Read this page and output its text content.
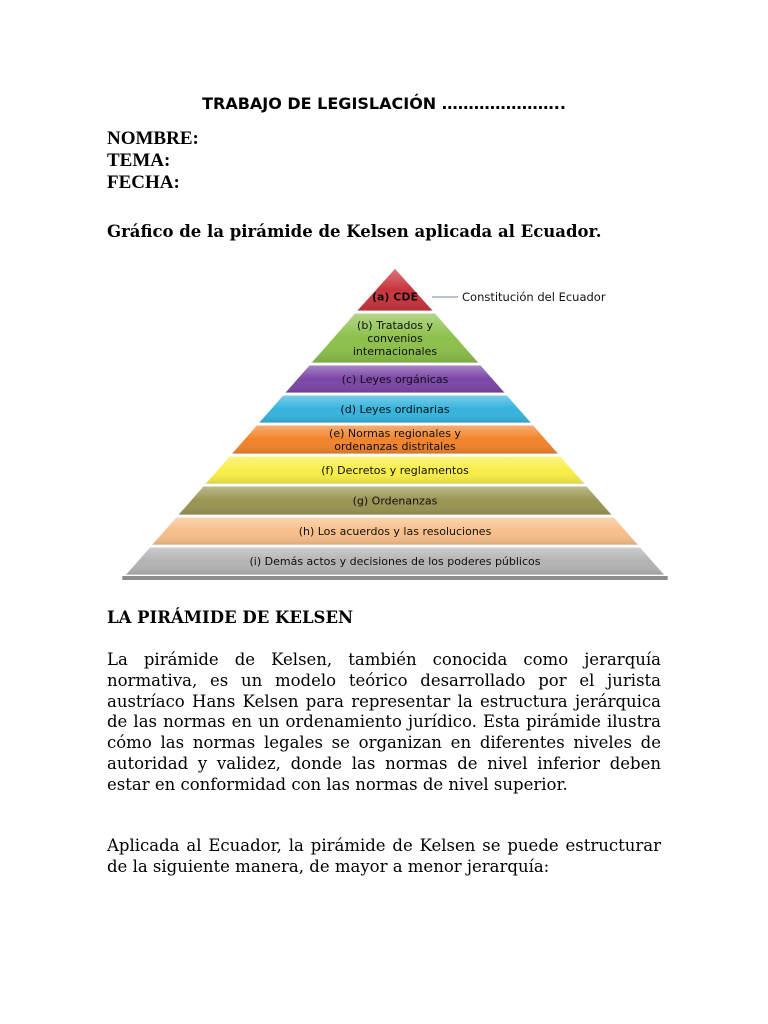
TRABAJO DE LEGISLACIÓN …………………..
NOMBRE:
TEMA:
FECHA:
Gráfico de la pirámide de Kelsen aplicada al Ecuador.
(a) CDE
(b) Tratados y
convenios
internacionales
(c) Leyes orgánicas
(d) Leyes ordinarias
(e) Normas regionales y
ordenanzas distritales
(f) Decretos y reglamentos
(g) Ordenanzas
(h) Los acuerdos y las resoluciones
(i) Demás actos y decisiones de los poderes públicos
Constitución del Ecuador
LA PIRÁMIDE DE KELSEN

La pirámide de Kelsen, también conocida como jerarquía normativa, es un modelo teórico desarrollado por el jurista austríaco Hans Kelsen para representar la estructura jerárquica de las normas en un ordenamiento jurídico. Esta pirámide ilustra cómo las normas legales se organizan en diferentes niveles de autoridad y validez, donde las normas de nivel inferior deben estar en conformidad con las normas de nivel superior.

Aplicada al Ecuador, la pirámide de Kelsen se puede estructurar de la siguiente manera, de mayor a menor jerarquía:
